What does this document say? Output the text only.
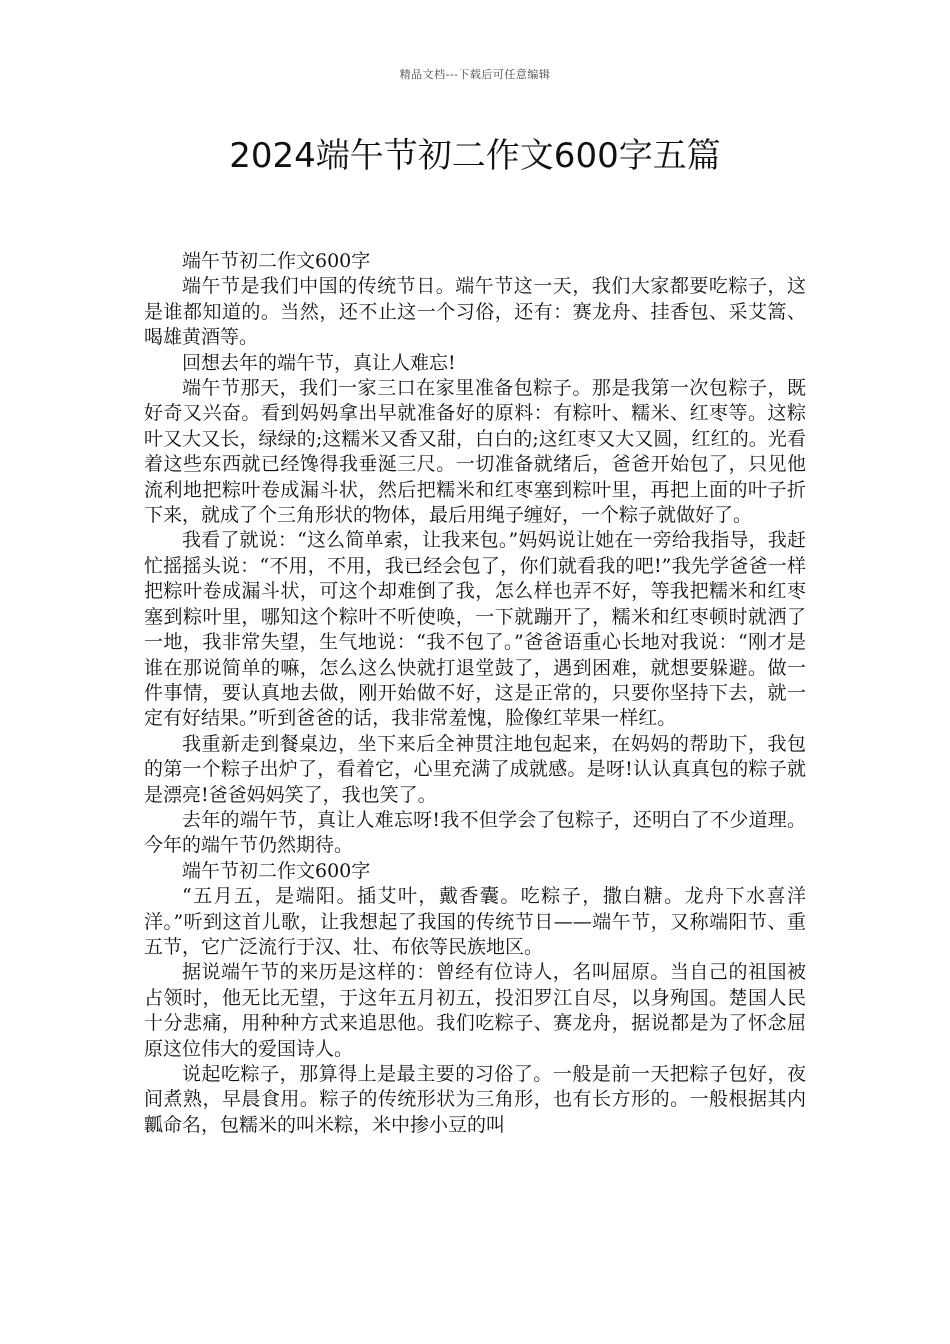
精品文档---下载后可任意编辑
2024端午节初二作文600字五篇

端午节初二作文600字

端午节是我们中国的传统节日。端午节这一天，我们大家都要吃粽子，这是谁都知道的。当然，还不止这一个习俗，还有：赛龙舟、挂香包、采艾篙、喝雄黄酒等。

回想去年的端午节，真让人难忘!

端午节那天，我们一家三口在家里准备包粽子。那是我第一次包粽子，既好奇又兴奋。看到妈妈拿出早就准备好的原料：有粽叶、糯米、红枣等。这粽叶又大又长，绿绿的;这糯米又香又甜，白白的;这红枣又大又圆，红红的。光看着这些东西就已经馋得我垂涎三尺。一切准备就绪后，爸爸开始包了，只见他流利地把粽叶卷成漏斗状，然后把糯米和红枣塞到粽叶里，再把上面的叶子折下来，就成了个三角形状的物体，最后用绳子缠好，一个粽子就做好了。

我看了就说：“这么简单索，让我来包。”妈妈说让她在一旁给我指导，我赶忙摇摇头说：“不用，不用，我已经会包了，你们就看我的吧!”我先学爸爸一样把粽叶卷成漏斗状，可这个却难倒了我，怎么样也弄不好，等我把糯米和红枣塞到粽叶里，哪知这个粽叶不听使唤，一下就蹦开了，糯米和红枣顿时就洒了一地，我非常失望，生气地说：“我不包了。”爸爸语重心长地对我说：“刚才是谁在那说简单的嘛，怎么这么快就打退堂鼓了，遇到困难，就想要躲避。做一件事情，要认真地去做，刚开始做不好，这是正常的，只要你坚持下去，就一定有好结果。”听到爸爸的话，我非常羞愧，脸像红苹果一样红。

我重新走到餐桌边，坐下来后全神贯注地包起来，在妈妈的帮助下，我包的第一个粽子出炉了，看着它，心里充满了成就感。是呀!认认真真包的粽子就是漂亮!爸爸妈妈笑了，我也笑了。

去年的端午节，真让人难忘呀!我不但学会了包粽子，还明白了不少道理。今年的端午节仍然期待。

端午节初二作文600字

“五月五，是端阳。插艾叶，戴香囊。吃粽子，撒白糖。龙舟下水喜洋洋。”听到这首儿歌，让我想起了我国的传统节日——端午节，又称端阳节、重五节，它广泛流行于汉、壮、布依等民族地区。

据说端午节的来历是这样的：曾经有位诗人，名叫屈原。当自己的祖国被占领时，他无比无望，于这年五月初五，投汨罗江自尽，以身殉国。楚国人民十分悲痛，用种种方式来追思他。我们吃粽子、赛龙舟，据说都是为了怀念屈原这位伟大的爱国诗人。

说起吃粽子，那算得上是最主要的习俗了。一般是前一天把粽子包好，夜间煮熟，早晨食用。粽子的传统形状为三角形，也有长方形的。一般根据其内瓤命名，包糯米的叫米粽，米中掺小豆的叫
